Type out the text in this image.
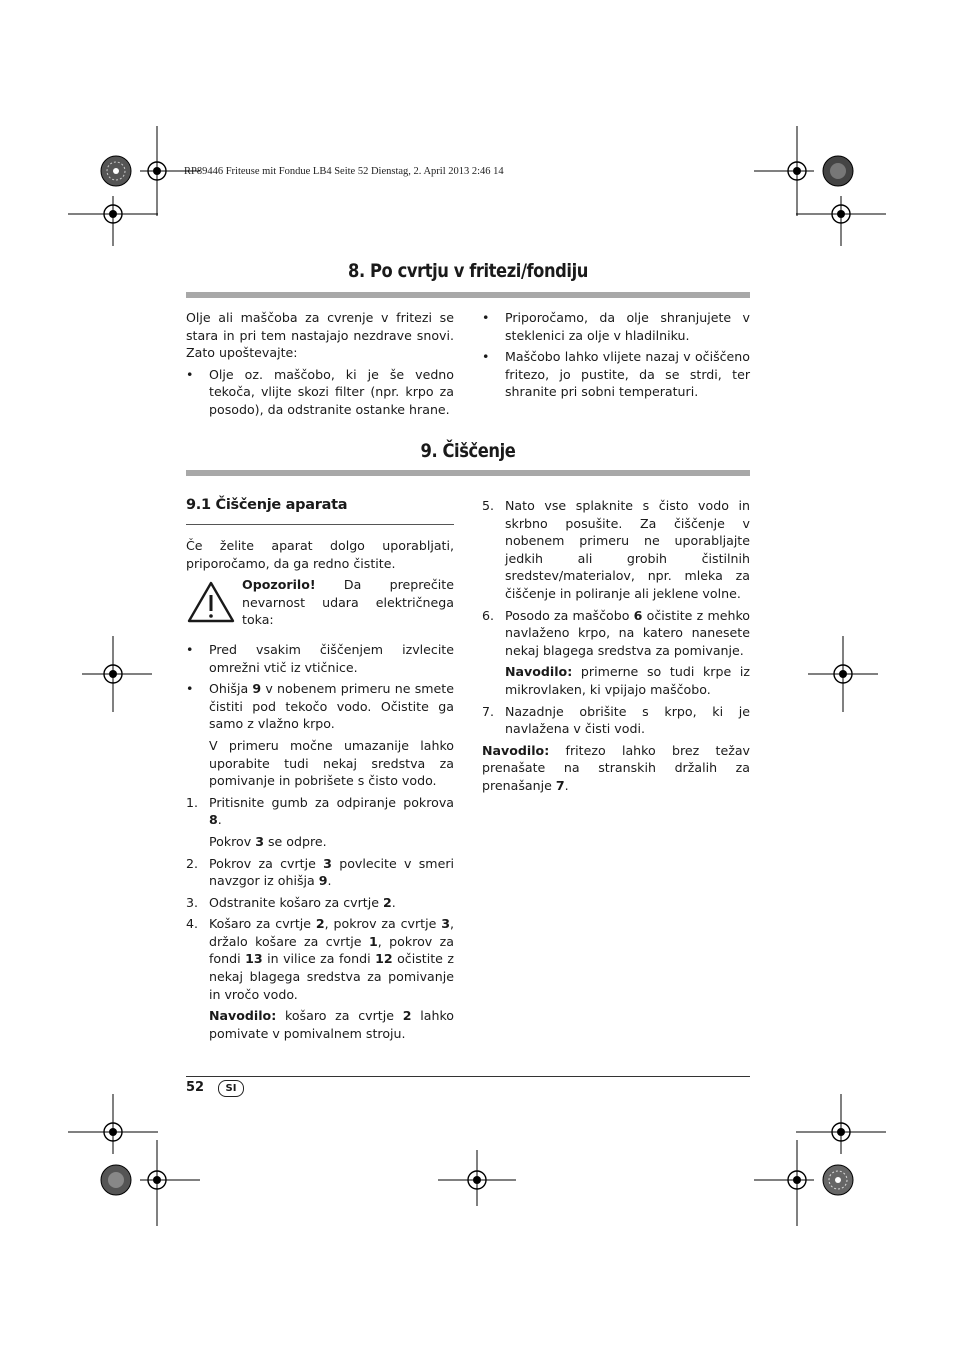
RP89446 Friteuse mit Fondue LB4 Seite 52 Dienstag, 2. April 2013 2:46 14
8. Po cvrtju v fritezi/fondiju

Olje ali maščoba za cvrenje v fritezi se stara in pri tem nastajajo nezdrave snovi. Zato upoštevajte:

• Olje oz. maščobo, ki je še vedno tekoča, vlijte skozi filter (npr. krpo za posodo), da odstranite ostanke hrane.
• Priporočamo, da olje shranjujete v steklenici za olje v hladilniku.
• Maščobo lahko vlijete nazaj v očiščeno fritezo, jo pustite, da se strdi, ter shranite pri sobni temperaturi.
9. Čiščenje
9.1 Čiščenje aparata

Če želite aparat dolgo uporabljati, priporočamo, da ga redno čistite.

Opozorilo! Da preprečite nevarnost udara električnega toka:
• Pred vsakim čiščenjem izvlecite omrežni vtič iz vtičnice.
• Ohišja 9 v nobenem primeru ne smete čistiti pod tekočo vodo. Očistite ga samo z vlažno krpo.

V primeru močne umazanije lahko uporabite tudi nekaj sredstva za pomivanje in pobrišete s čisto vodo.

1. Pritisnite gumb za odpiranje pokrova 8.
Pokrov 3 se odpre.
2. Pokrov za cvrtje 3 povlecite v smeri navzgor iz ohišja 9.
3. Odstranite košaro za cvrtje 2.
4. Košaro za cvrtje 2, pokrov za cvrtje 3, držalo košare za cvrtje 1, pokrov za fondi 13 in vilice za fondi 12 očistite z nekaj blagega sredstva za pomivanje in vročo vodo.
Navodilo: košaro za cvrtje 2 lahko pomivate v pomivalnem stroju.
5. Nato vse splaknite s čisto vodo in skrbno posušite. Za čiščenje v nobenem primeru ne uporabljajte jedkih ali grobih čistilnih sredstev/materialov, npr. mleka za čiščenje in poliranje ali jeklene volne.
6. Posodo za maščobo 6 očistite z mehko navlaženo krpo, na katero nanesete nekaj blagega sredstva za pomivanje.
Navodilo: primerne so tudi krpe iz mikrovlaken, ki vpijajo maščobo.
7. Nazadnje obrišite s krpo, ki je navlažena v čisti vodi.

Navodilo: fritezo lahko brez težav prenašate na stranskih držalih za prenašanje 7.

52	SI
